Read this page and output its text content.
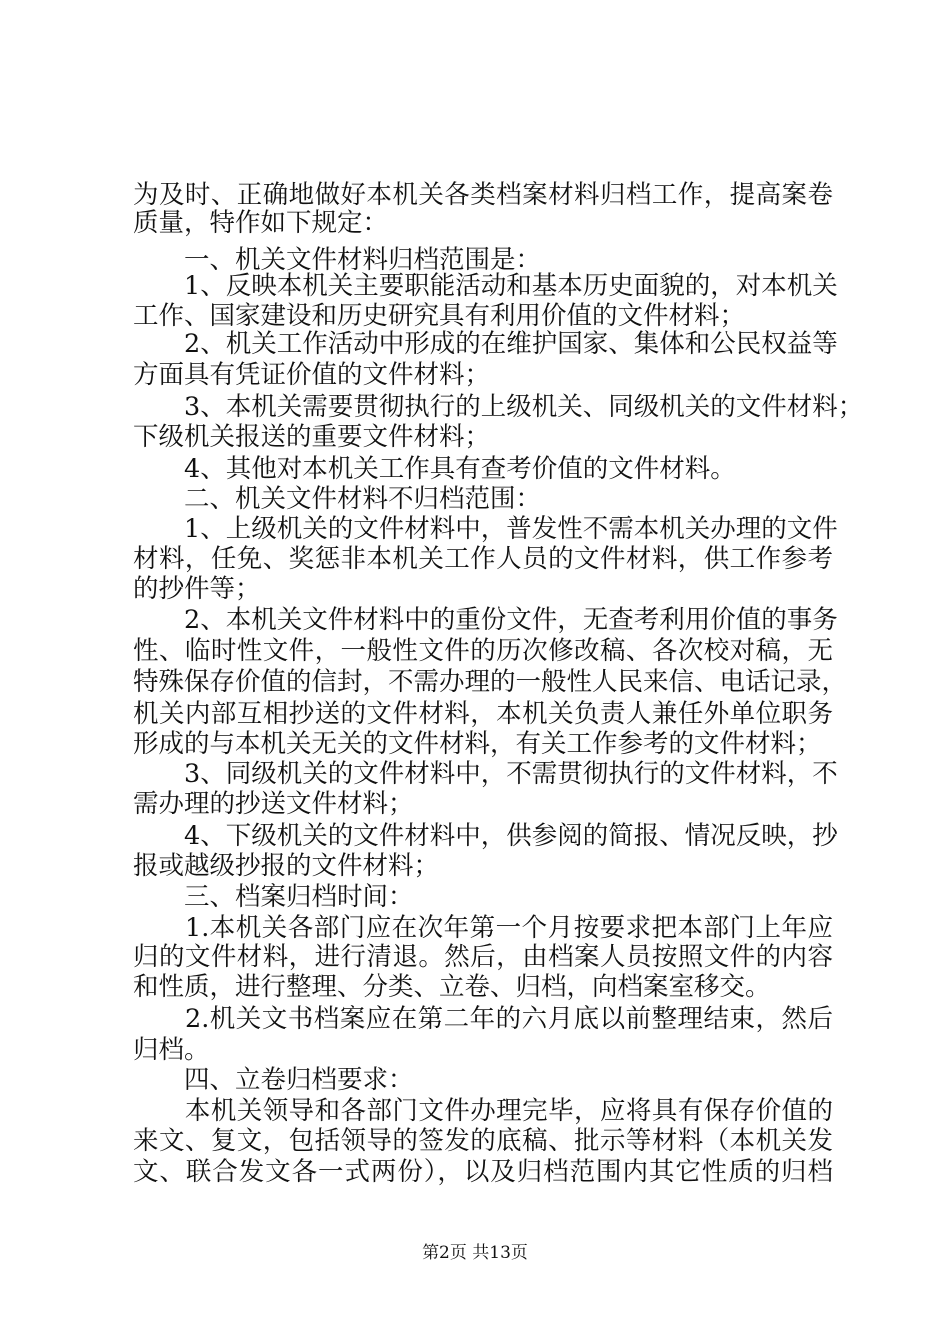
为及时、正确地做好本机关各类档案材料归档工作，提高案卷
质量，特作如下规定：
　　一、机关文件材料归档范围是：
　　1、反映本机关主要职能活动和基本历史面貌的，对本机关
工作、国家建设和历史研究具有利用价值的文件材料；
　　2、机关工作活动中形成的在维护国家、集体和公民权益等
方面具有凭证价值的文件材料；
　　3、本机关需要贯彻执行的上级机关、同级机关的文件材料；
下级机关报送的重要文件材料；
　　4、其他对本机关工作具有查考价值的文件材料。
　　二、机关文件材料不归档范围：
　　1、上级机关的文件材料中，普发性不需本机关办理的文件
材料，任免、奖惩非本机关工作人员的文件材料，供工作参考
的抄件等；
　　2、本机关文件材料中的重份文件，无查考利用价值的事务
性、临时性文件，一般性文件的历次修改稿、各次校对稿，无
特殊保存价值的信封，不需办理的一般性人民来信、电话记录，
机关内部互相抄送的文件材料，本机关负责人兼任外单位职务
形成的与本机关无关的文件材料，有关工作参考的文件材料；
　　3、同级机关的文件材料中，不需贯彻执行的文件材料，不
需办理的抄送文件材料；
　　4、下级机关的文件材料中，供参阅的简报、情况反映，抄
报或越级抄报的文件材料；
　　三、档案归档时间：
　　1.本机关各部门应在次年第一个月按要求把本部门上年应
归的文件材料，进行清退。然后，由档案人员按照文件的内容
和性质，进行整理、分类、立卷、归档，向档案室移交。
　　2.机关文书档案应在第二年的六月底以前整理结束，然后
归档。
　　四、立卷归档要求：
　　本机关领导和各部门文件办理完毕，应将具有保存价值的
来文、复文，包括领导的签发的底稿、批示等材料（本机关发
文、联合发文各一式两份），以及归档范围内其它性质的归档
第2页 共13页
